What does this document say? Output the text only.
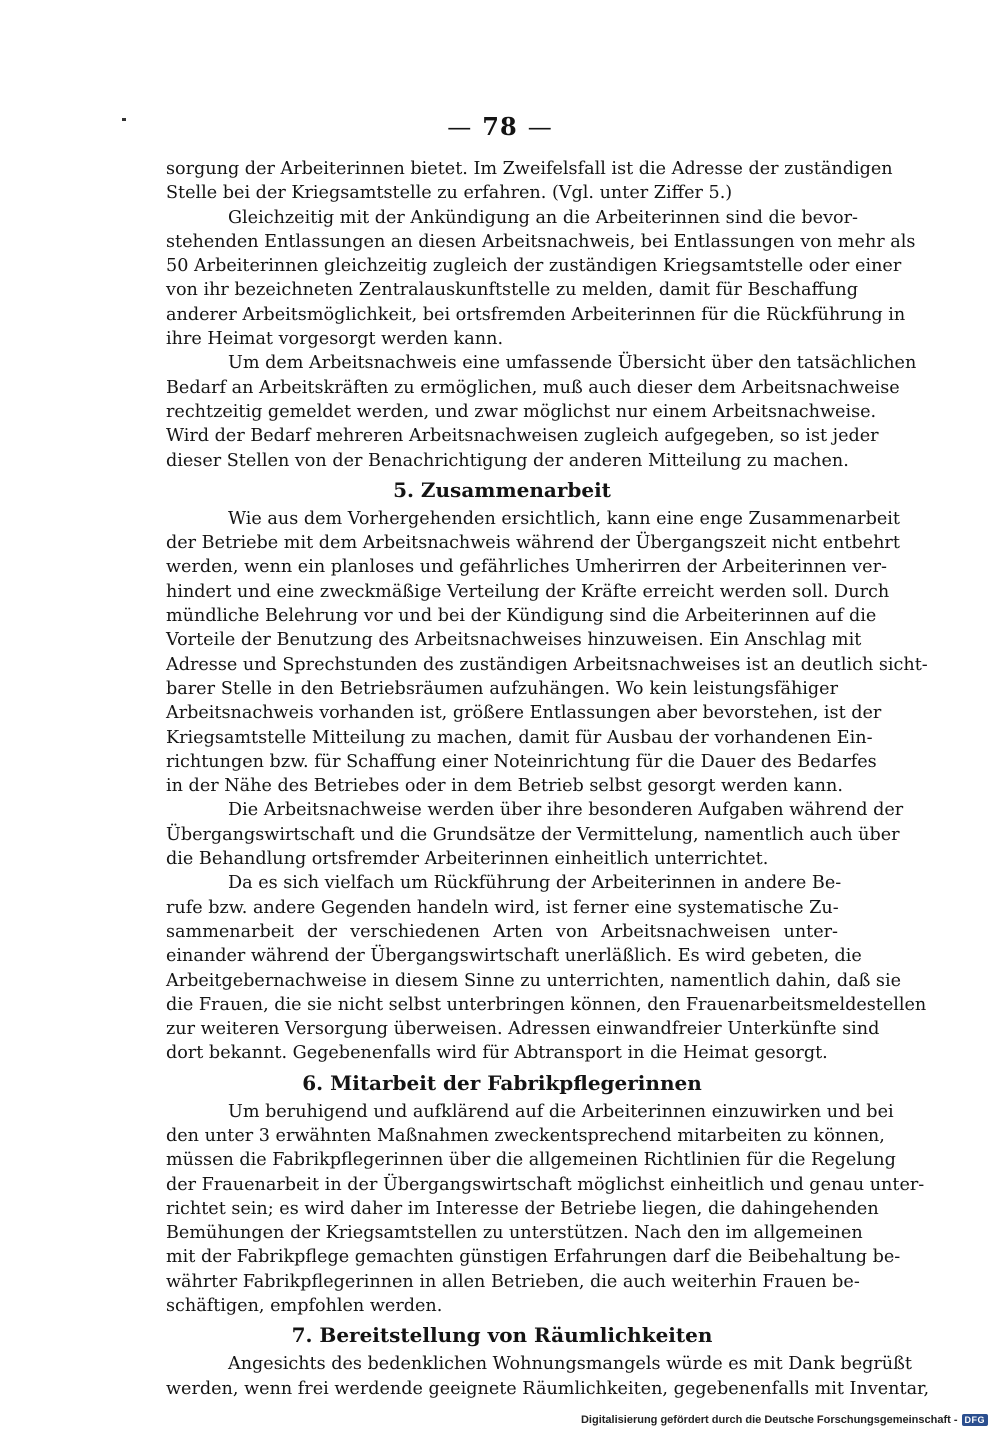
— 78 —
sorgung der Arbeiterinnen bietet. Im Zweifelsfall ist die Adresse der zuständigen
Stelle bei der Kriegsamtstelle zu erfahren. (Vgl. unter Ziffer 5.)
Gleichzeitig mit der Ankündigung an die Arbeiterinnen sind die bevor-
stehenden Entlassungen an diesen Arbeitsnachweis, bei Entlassungen von mehr als
50 Arbeiterinnen gleichzeitig zugleich der zuständigen Kriegsamtstelle oder einer
von ihr bezeichneten Zentralauskunftstelle zu melden, damit für Beschaffung
anderer Arbeitsmöglichkeit, bei ortsfremden Arbeiterinnen für die Rückführung in
ihre Heimat vorgesorgt werden kann.
Um dem Arbeitsnachweis eine umfassende Übersicht über den tatsächlichen
Bedarf an Arbeitskräften zu ermöglichen, muß auch dieser dem Arbeitsnachweise
rechtzeitig gemeldet werden, und zwar möglichst nur einem Arbeitsnachweise.
Wird der Bedarf mehreren Arbeitsnachweisen zugleich aufgegeben, so ist jeder
dieser Stellen von der Benachrichtigung der anderen Mitteilung zu machen.
5. Zusammenarbeit
Wie aus dem Vorhergehenden ersichtlich, kann eine enge Zusammenarbeit
der Betriebe mit dem Arbeitsnachweis während der Übergangszeit nicht entbehrt
werden, wenn ein planloses und gefährliches Umherirren der Arbeiterinnen ver-
hindert und eine zweckmäßige Verteilung der Kräfte erreicht werden soll. Durch
mündliche Belehrung vor und bei der Kündigung sind die Arbeiterinnen auf die
Vorteile der Benutzung des Arbeitsnachweises hinzuweisen. Ein Anschlag mit
Adresse und Sprechstunden des zuständigen Arbeitsnachweises ist an deutlich sicht-
barer Stelle in den Betriebsräumen aufzuhängen. Wo kein leistungsfähiger
Arbeitsnachweis vorhanden ist, größere Entlassungen aber bevorstehen, ist der
Kriegsamtstelle Mitteilung zu machen, damit für Ausbau der vorhandenen Ein-
richtungen bzw. für Schaffung einer Noteinrichtung für die Dauer des Bedarfes
in der Nähe des Betriebes oder in dem Betrieb selbst gesorgt werden kann.
Die Arbeitsnachweise werden über ihre besonderen Aufgaben während der
Übergangswirtschaft und die Grundsätze der Vermittelung, namentlich auch über
die Behandlung ortsfremder Arbeiterinnen einheitlich unterrichtet.
Da es sich vielfach um Rückführung der Arbeiterinnen in andere Be-
rufe bzw. andere Gegenden handeln wird, ist ferner eine systematische Zu-
sammenarbeit der verschiedenen Arten von Arbeitsnachweisen unter-
einander während der Übergangswirtschaft unerläßlich. Es wird gebeten, die
Arbeitgebernachweise in diesem Sinne zu unterrichten, namentlich dahin, daß sie
die Frauen, die sie nicht selbst unterbringen können, den Frauenarbeitsmeldestellen
zur weiteren Versorgung überweisen. Adressen einwandfreier Unterkünfte sind
dort bekannt. Gegebenenfalls wird für Abtransport in die Heimat gesorgt.
6. Mitarbeit der Fabrikpflegerinnen
Um beruhigend und aufklärend auf die Arbeiterinnen einzuwirken und bei
den unter 3 erwähnten Maßnahmen zweckentsprechend mitarbeiten zu können,
müssen die Fabrikpflegerinnen über die allgemeinen Richtlinien für die Regelung
der Frauenarbeit in der Übergangswirtschaft möglichst einheitlich und genau unter-
richtet sein; es wird daher im Interesse der Betriebe liegen, die dahingehenden
Bemühungen der Kriegsamtstellen zu unterstützen. Nach den im allgemeinen
mit der Fabrikpflege gemachten günstigen Erfahrungen darf die Beibehaltung be-
währter Fabrikpflegerinnen in allen Betrieben, die auch weiterhin Frauen be-
schäftigen, empfohlen werden.
7. Bereitstellung von Räumlichkeiten
Angesichts des bedenklichen Wohnungsmangels würde es mit Dank begrüßt
werden, wenn frei werdende geeignete Räumlichkeiten, gegebenenfalls mit Inventar,
Digitalisierung gefördert durch die Deutsche Forschungsgemeinschaft - DFG
